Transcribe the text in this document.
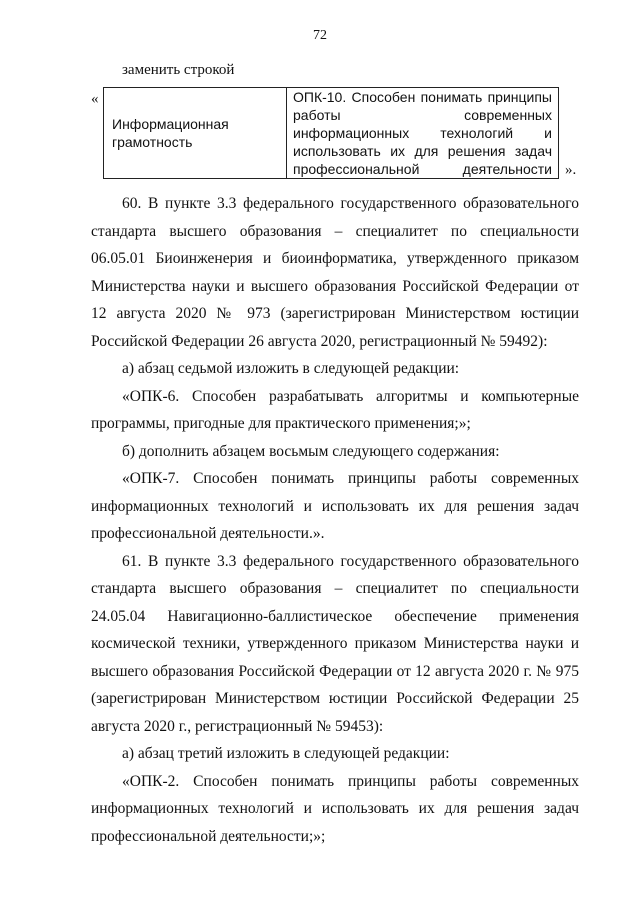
72
заменить строкой
«
Информационная грамотность	ОПК-10. Способен понимать принципы работы современных информационных технологий и использовать их для решения задач профессиональной деятельности ».

60. В пункте 3.3 федерального государственного образовательного стандарта высшего образования – специалитет по специальности 06.05.01 Биоинженерия и биоинформатика, утвержденного приказом Министерства науки и высшего образования Российской Федерации от 12 августа 2020 № 973 (зарегистрирован Министерством юстиции Российской Федерации 26 августа 2020, регистрационный № 59492):

а) абзац седьмой изложить в следующей редакции:

«ОПК-6. Способен разрабатывать алгоритмы и компьютерные программы, пригодные для практического применения;»;

б) дополнить абзацем восьмым следующего содержания:

«ОПК-7. Способен понимать принципы работы современных информационных технологий и использовать их для решения задач профессиональной деятельности.».

61. В пункте 3.3 федерального государственного образовательного стандарта высшего образования – специалитет по специальности 24.05.04 Навигационно-баллистическое обеспечение применения космической техники, утвержденного приказом Министерства науки и высшего образования Российской Федерации от 12 августа 2020 г. № 975 (зарегистрирован Министерством юстиции Российской Федерации 25 августа 2020 г., регистрационный № 59453):

а) абзац третий изложить в следующей редакции:

«ОПК-2. Способен понимать принципы работы современных информационных технологий и использовать их для решения задач профессиональной деятельности;»;
